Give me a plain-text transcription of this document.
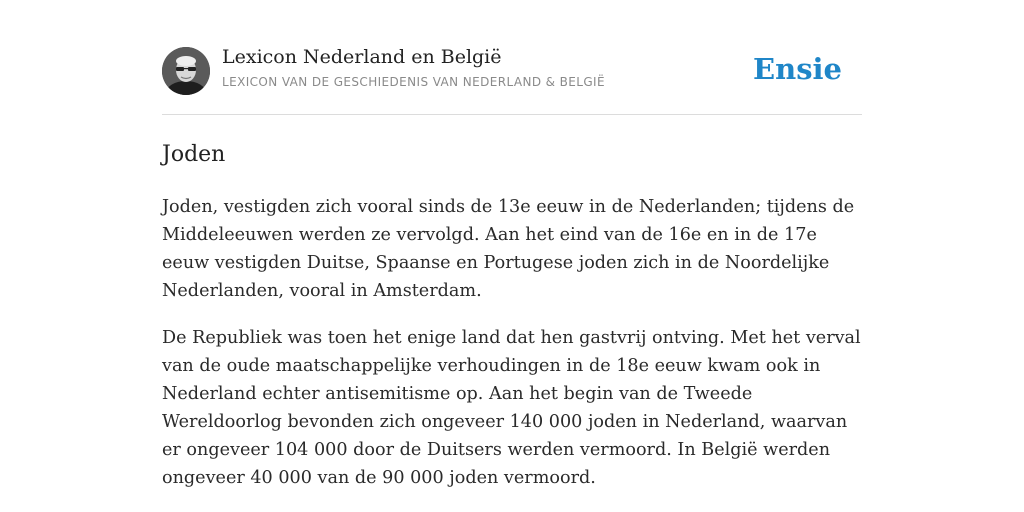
Lexicon Nederland en België
LEXICON VAN DE GESCHIEDENIS VAN NEDERLAND & BELGIË	Ensie
Joden

Joden, vestigden zich vooral sinds de 13e eeuw in de Nederlanden; tijdens de Middeleeuwen werden ze vervolgd. Aan het eind van de 16e en in de 17e eeuw vestigden Duitse, Spaanse en Portugese joden zich in de Noordelijke Nederlanden, vooral in Amsterdam.

De Republiek was toen het enige land dat hen gastvrij ontving. Met het verval van de oude maatschappelijke verhoudingen in de 18e eeuw kwam ook in Nederland echter antisemitisme op. Aan het begin van de Tweede Wereldoorlog bevonden zich ongeveer 140 000 joden in Nederland, waarvan er ongeveer 104 000 door de Duitsers werden vermoord. In België werden ongeveer 40 000 van de 90 000 joden vermoord.
